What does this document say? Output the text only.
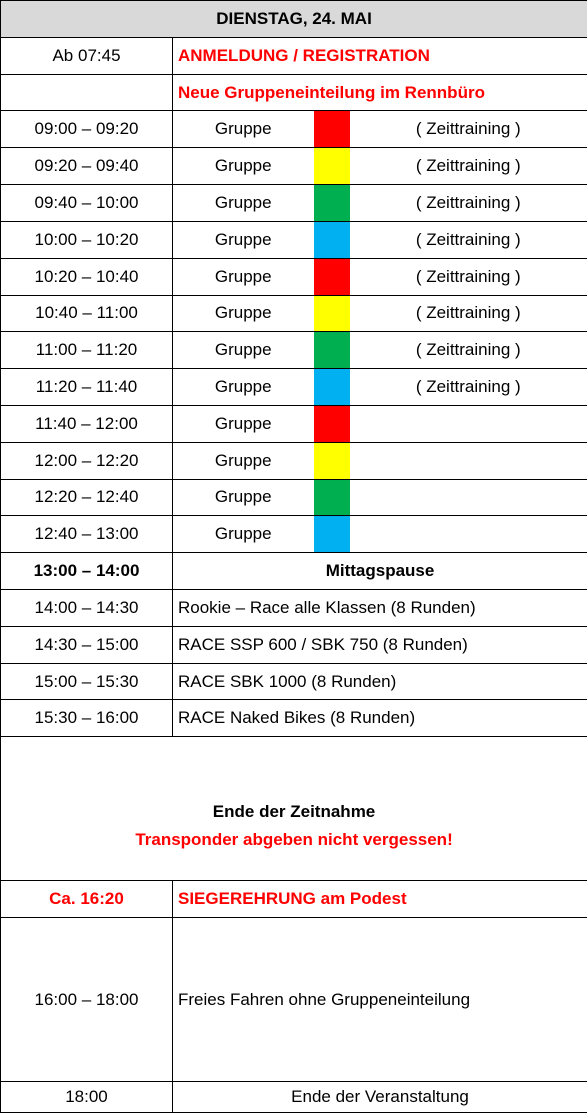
DIENSTAG, 24. MAI			
Ab 07:45	ANMELDUNG / REGISTRATION		
	Neue Gruppeneinteilung im Rennbüro		
09:00 – 09:20	Gruppe		( Zeittraining )
09:20 – 09:40	Gruppe		( Zeittraining )
09:40 – 10:00	Gruppe		( Zeittraining )
10:00 – 10:20	Gruppe		( Zeittraining )
10:20 – 10:40	Gruppe		( Zeittraining )
10:40 – 11:00	Gruppe		( Zeittraining )
11:00 – 11:20	Gruppe		( Zeittraining )
11:20 – 11:40	Gruppe		( Zeittraining )
11:40 – 12:00	Gruppe	

12:00 – 12:20	Gruppe	

12:20 – 12:40	Gruppe	

12:40 – 13:00	Gruppe	

13:00 – 14:00	Mittagspause		
14:00 – 14:30	Rookie – Race alle Klassen (8 Runden)		
14:30 – 15:00	RACE SSP 600 / SBK 750 (8 Runden)		
15:00 – 15:30	RACE SBK 1000 (8 Runden)		
15:30 – 16:00	RACE Naked Bikes (8 Runden)		

Ende der Zeitnahme
Transponder abgeben nicht vergessen!			

Ca. 16:20	SIEGEREHRUNG am Podest		
16:00 – 18:00	Freies Fahren ohne Gruppeneinteilung		
18:00	Ende der Veranstaltung		
